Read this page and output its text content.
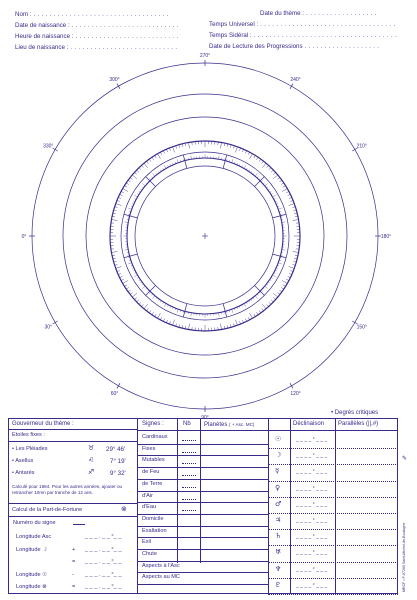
Nom : . . . . . . . . . . . . . . . . . . . . . . . . . . . . . . . . . .
Date de naissance : . . . . . . . . . . . . . . . . . . . . . . . . . . .
Heure de naissance : . . . . . . . . . . . . . . . . . . . . . . . . . .
Lieu de naissance : . . . . . . . . . . . . . . . . . . . . . . . . . . .
Date du thème : . . . . . . . . . . . . . . . . . .
Temps Universel : . . . . . . . . . . . . . . . . . . . . . . . . . . . . . . . . . .
Temps Sidéral : . . . . . . . . . . . . . . . . . . . . . . . . . . . . . . . . . . . .
Date de Lecture des Progressions . . . . . . . . . . . . . . . . . . .
270°
240°
210°
180°
150°
120°
90°
60°
30°
0°
330°
300°
• Degrés critiques
Gouverneur du thème :
Etoiles fixes :
• Les Pléiades	♉ 29° 46'
• Asellus	♌	7° 19'
• Antarès	♐	9° 32'
Calculé pour 1984. Pour les autres années, ajouter ou retrancher 10mn par tranche de 12 ans.
Calcul de la Part-de-Fortune	⊗
Numéro du signe
Longitude Asc	_ _ _ . _ _ °_ _
Longitude ☽	+ _ _ _ . _ _ °_ _
= _ _ _ . _ _ °_ _
Longitude ☉	- _ _ _ . _ _ °_ _
Longitude ⊗	= _ _ _ . _ _ °_ _
Signes :	Nb Planètes ( + Asc. MC)
Cardinaux
Fixes
Mutables
de Feu
de Terre
d'Air
d'Eau
Domicile
Exaltation
Exil
Chute
Aspects à l'Asc
Aspects au MC
Déclinaison Parallèles (||,#)
☉	_ _ _ _ ° _ _ _
☽	_ _ _ _ ° _ _ _
☿	_ _ _ _ ° _ _ _
♀	_ _ _ _ ° _ _ _
♂	_ _ _ _ ° _ _ _
♃	_ _ _ _ ° _ _ _
♄	_ _ _ _ ° _ _ _
♅	_ _ _ _ ° _ _ _
♆	_ _ _ _ ° _ _ _
♇	_ _ _ _ ° _ _ _	MRCF • F-07260 Saint-Michel-de-Boulogne
✎
